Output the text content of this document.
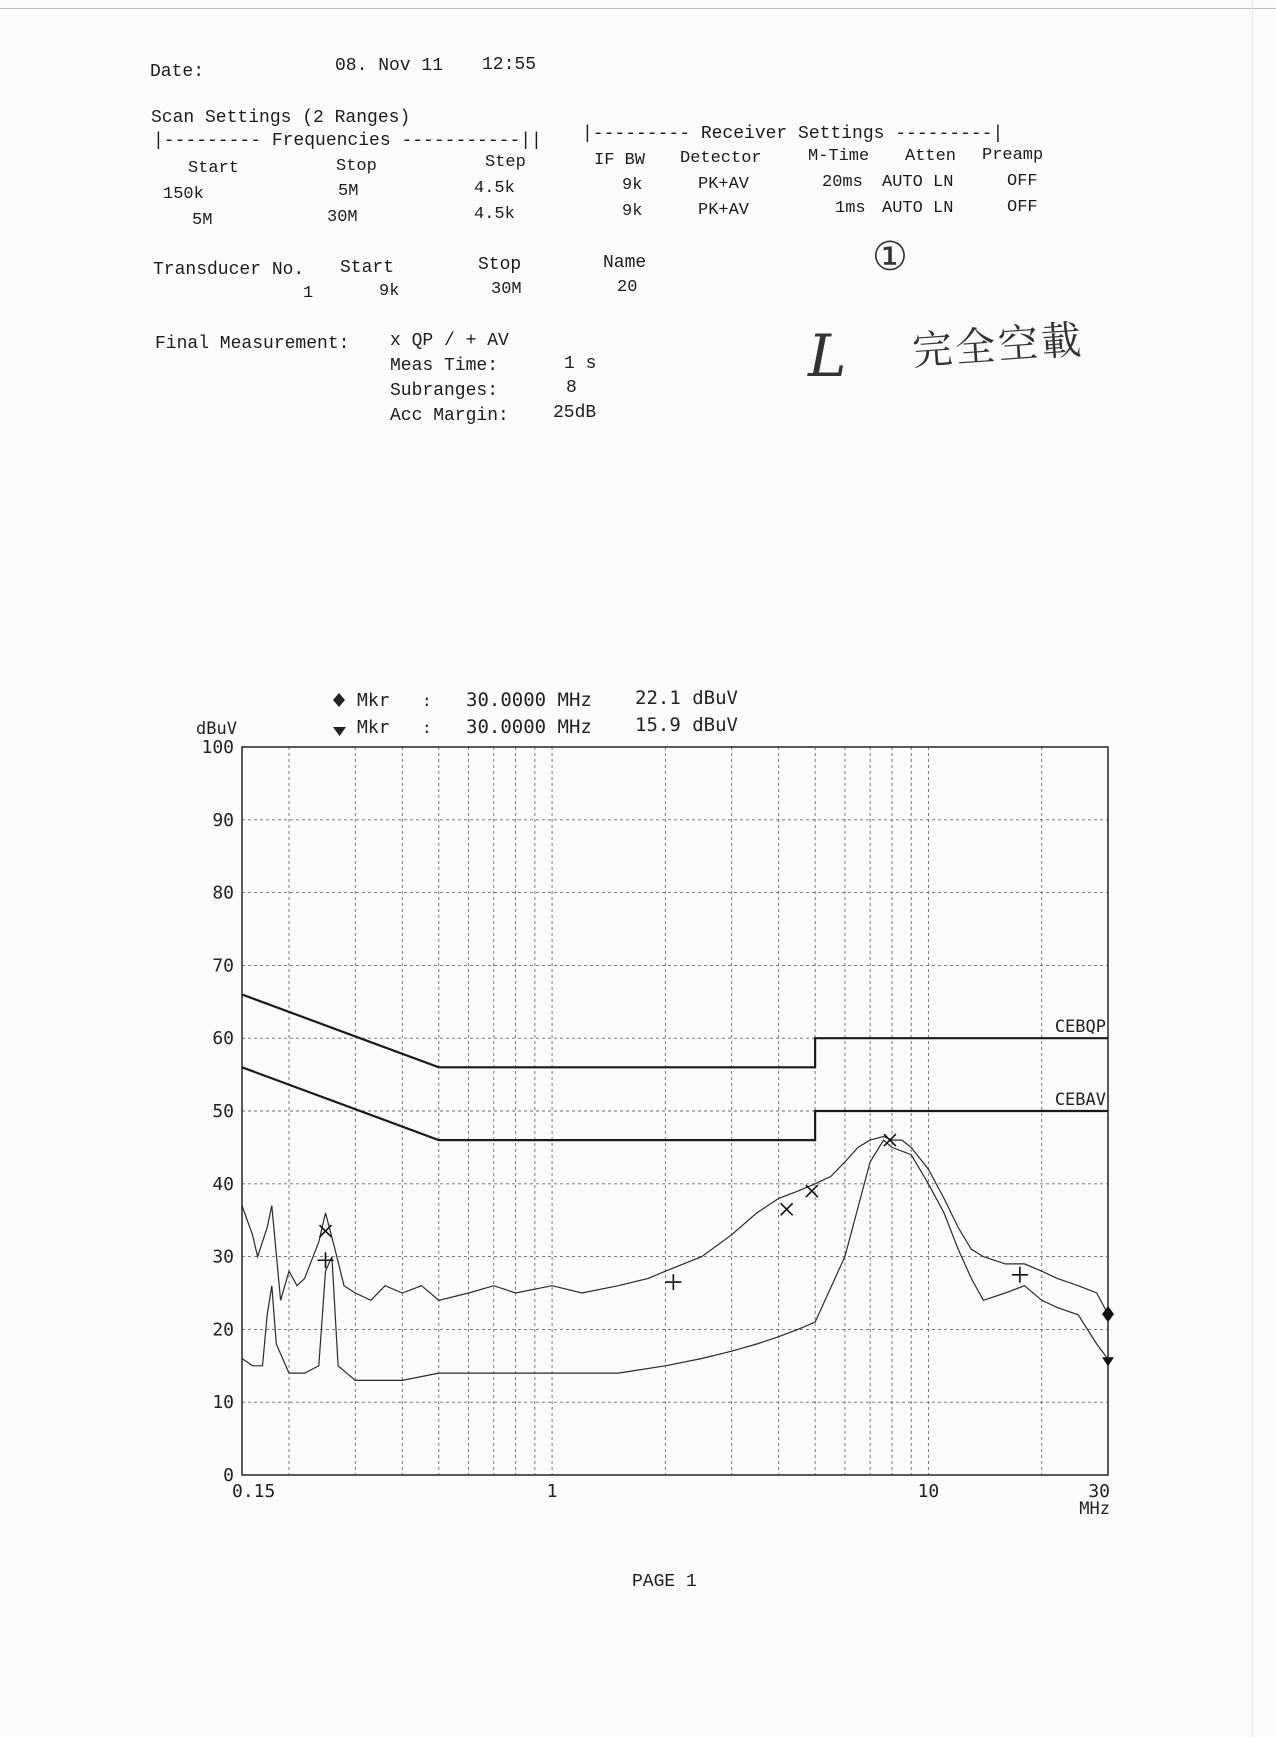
Date:	08. Nov 11 12:55
Scan Settings (2 Ranges)
|--------- Frequencies -----------|| |--------- Receiver Settings ---------|
Start	Stop	Step	IF BW Detector	M-Time Atten Preamp
150k	5M	4.5k	9k	PK+AV	20ms AUTO LN	OFF
5M	30M	4.5k	9k	PK+AV	1ms AUTO LN	OFF
Transducer No. Start	Stop	Name
1	9k	30M	20
Final Measurement: x QP / + AV
Meas Time:	1 s
Subranges:	8
Acc Margin: 25dB
①
L 完全空載
CEBQP
CEBAV
0
10
20
30
40
50
60
70
80
90
100
0.15	1	10	30
dBuV
MHz
Mkr : 30.0000 MHz 22.1 dBuV
Mkr : 30.0000 MHz 15.9 dBuV
PAGE 1
